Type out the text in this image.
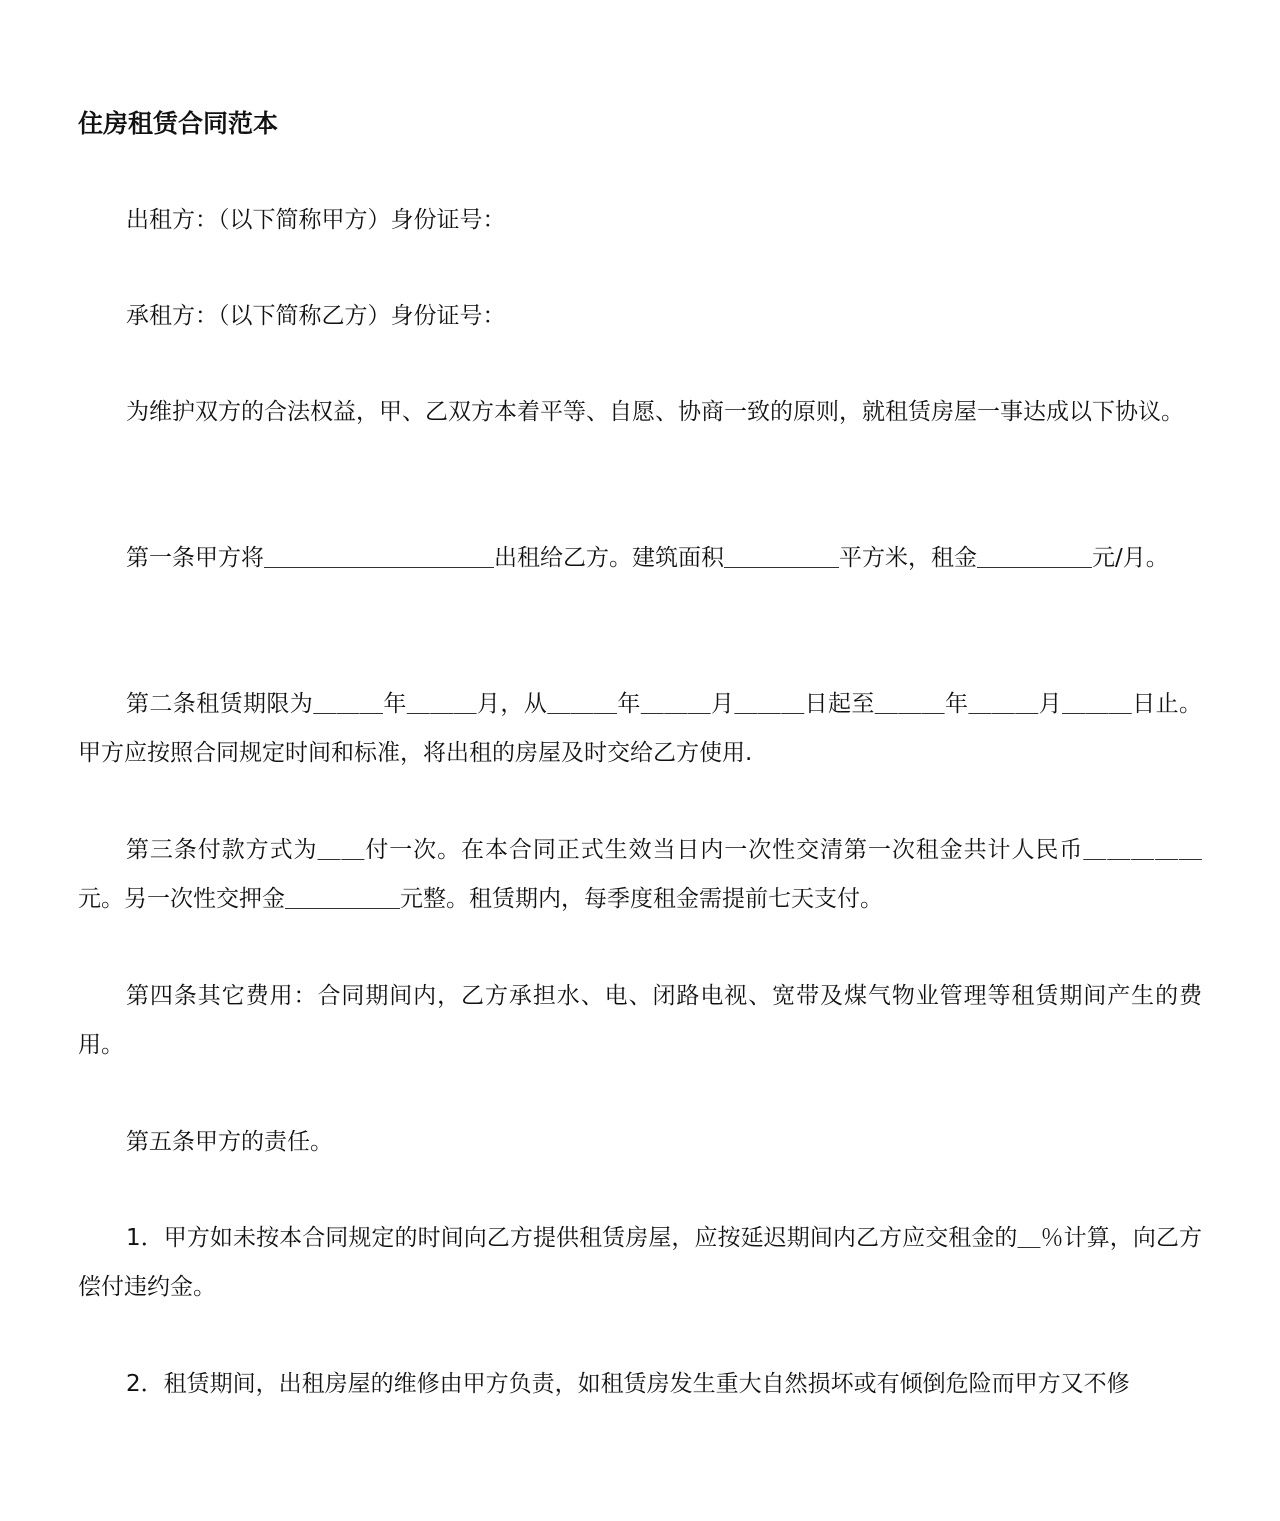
住房租赁合同范本

出租方：（以下简称甲方）身份证号：

承租方：（以下简称乙方）身份证号：

为维护双方的合法权益，甲、乙双方本着平等、自愿、协商一致的原则，就租赁房屋一事达成以下协议。

第一条甲方将＿＿＿＿＿＿＿＿＿＿出租给乙方。建筑面积＿＿＿＿＿平方米，租金＿＿＿＿＿元/月。

第二条租赁期限为＿＿＿年＿＿＿月，从＿＿＿年＿＿＿月＿＿＿日起至＿＿＿年＿＿＿月＿＿＿日止。甲方应按照合同规定时间和标准，将出租的房屋及时交给乙方使用.

第三条付款方式为＿＿付一次。在本合同正式生效当日内一次性交清第一次租金共计人民币＿＿＿＿＿元。另一次性交押金＿＿＿＿＿元整。租赁期内，每季度租金需提前七天支付。

第四条其它费用：合同期间内，乙方承担水、电、闭路电视、宽带及煤气物业管理等租赁期间产生的费用。

第五条甲方的责任。

1．甲方如未按本合同规定的时间向乙方提供租赁房屋，应按延迟期间内乙方应交租金的＿％计算，向乙方偿付违约金。

2．租赁期间，出租房屋的维修由甲方负责，如租赁房发生重大自然损坏或有倾倒危险而甲方又不修
